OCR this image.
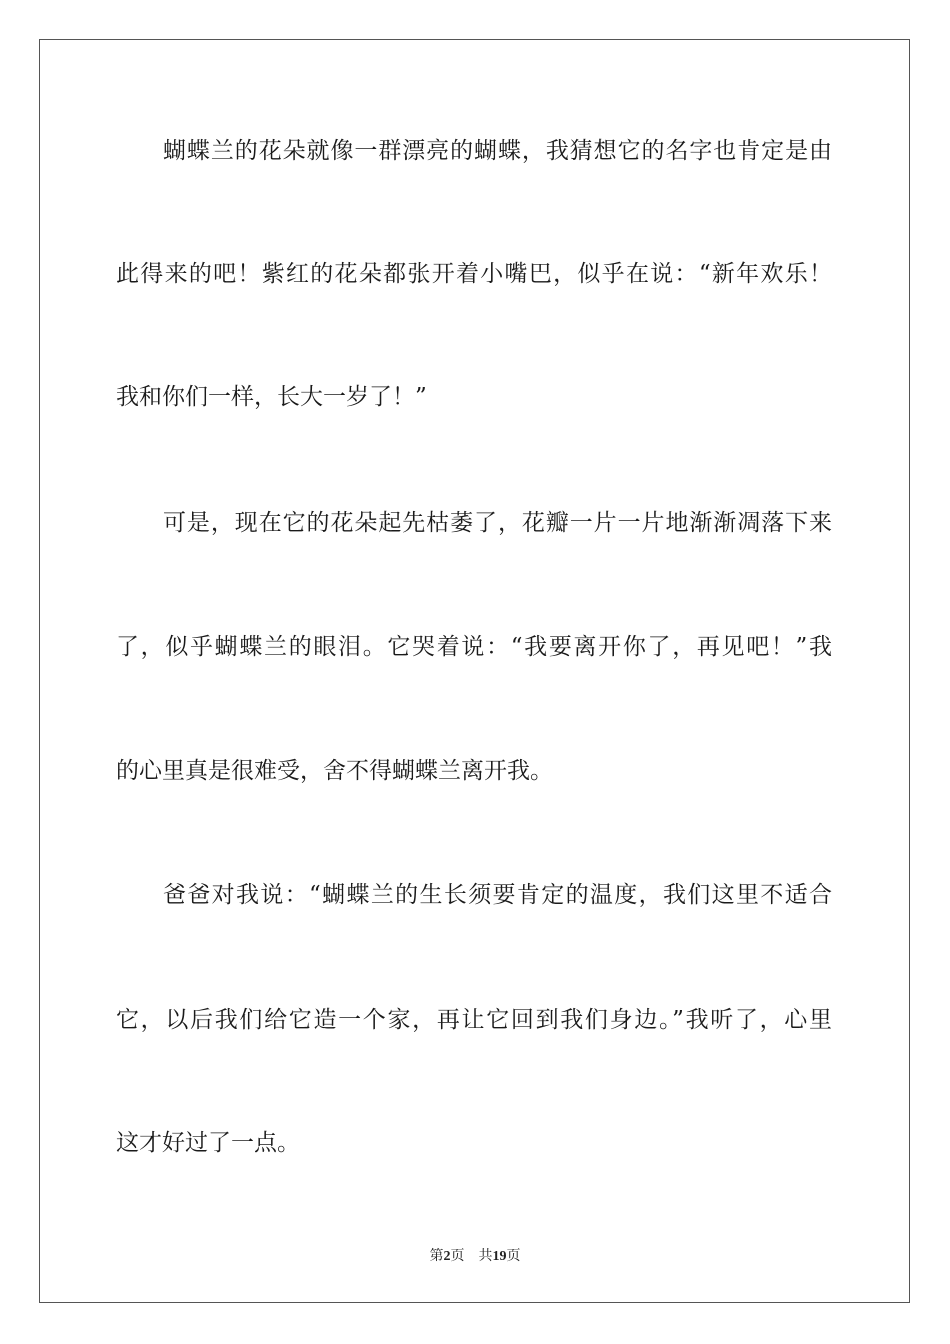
蝴蝶兰的花朵就像一群漂亮的蝴蝶，我猜想它的名字也肯定是由
此得来的吧！紫红的花朵都张开着小嘴巴，似乎在说：“新年欢乐！
我和你们一样，长大一岁了！”
可是，现在它的花朵起先枯萎了，花瓣一片一片地渐渐凋落下来
了，似乎蝴蝶兰的眼泪。它哭着说：“我要离开你了，再见吧！”我
的心里真是很难受，舍不得蝴蝶兰离开我。
爸爸对我说：“蝴蝶兰的生长须要肯定的温度，我们这里不适合
它，以后我们给它造一个家，再让它回到我们身边。”我听了，心里
这才好过了一点。
第2页 共19页
